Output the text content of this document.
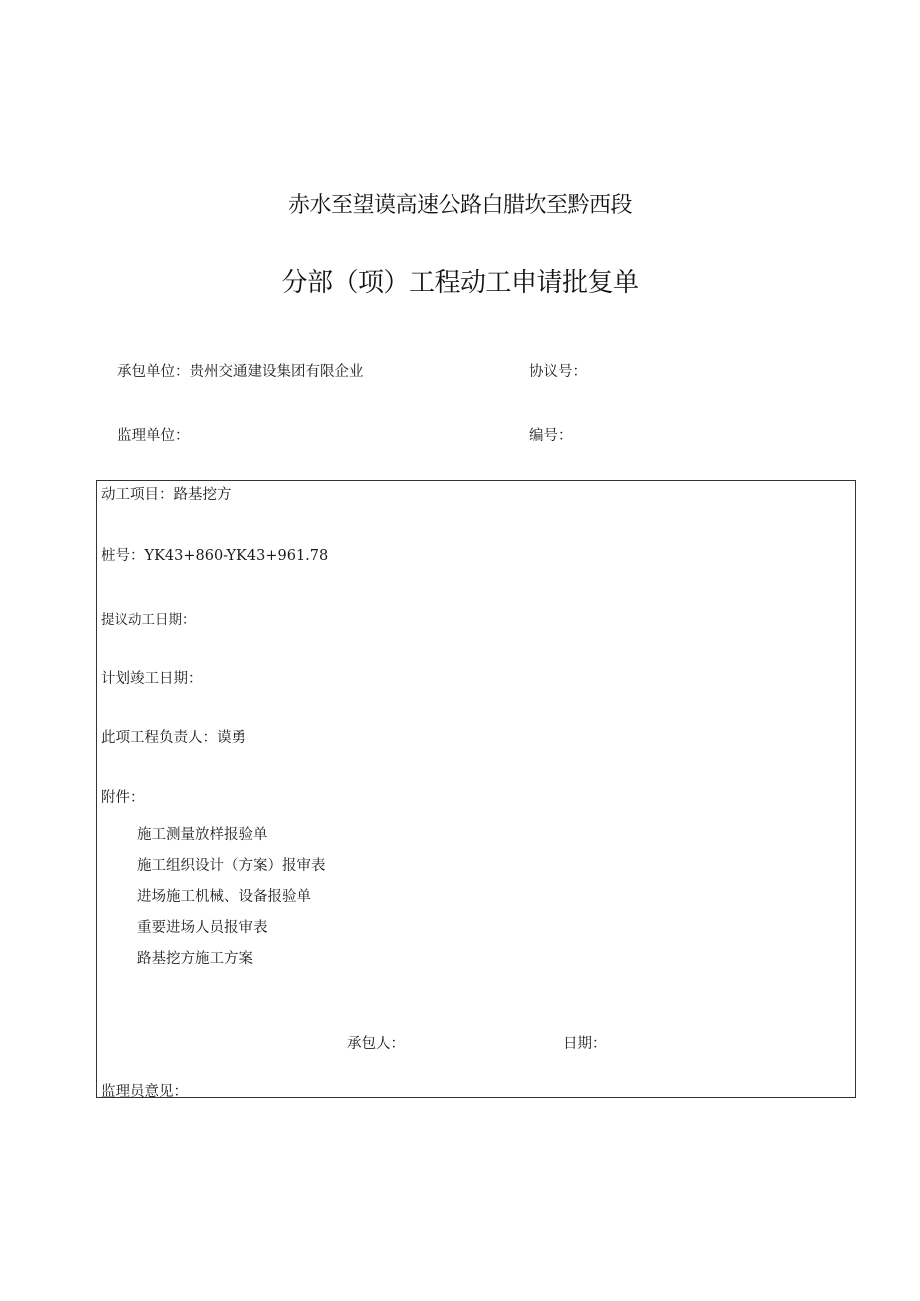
赤水至望谟高速公路白腊坎至黔西段
分部（项）工程动工申请批复单
承包单位：贵州交通建设集团有限企业	协议号：
监理单位：	编号：
动工项目：路基挖方
桩号：YK43+860-YK43+961.78
提议动工日期：
计划竣工日期：
此项工程负责人：谟勇
附件：
施工测量放样报验单
施工组织设计（方案）报审表
进场施工机械、设备报验单
重要进场人员报审表
路基挖方施工方案
承包人：	日期：
监理员意见：
